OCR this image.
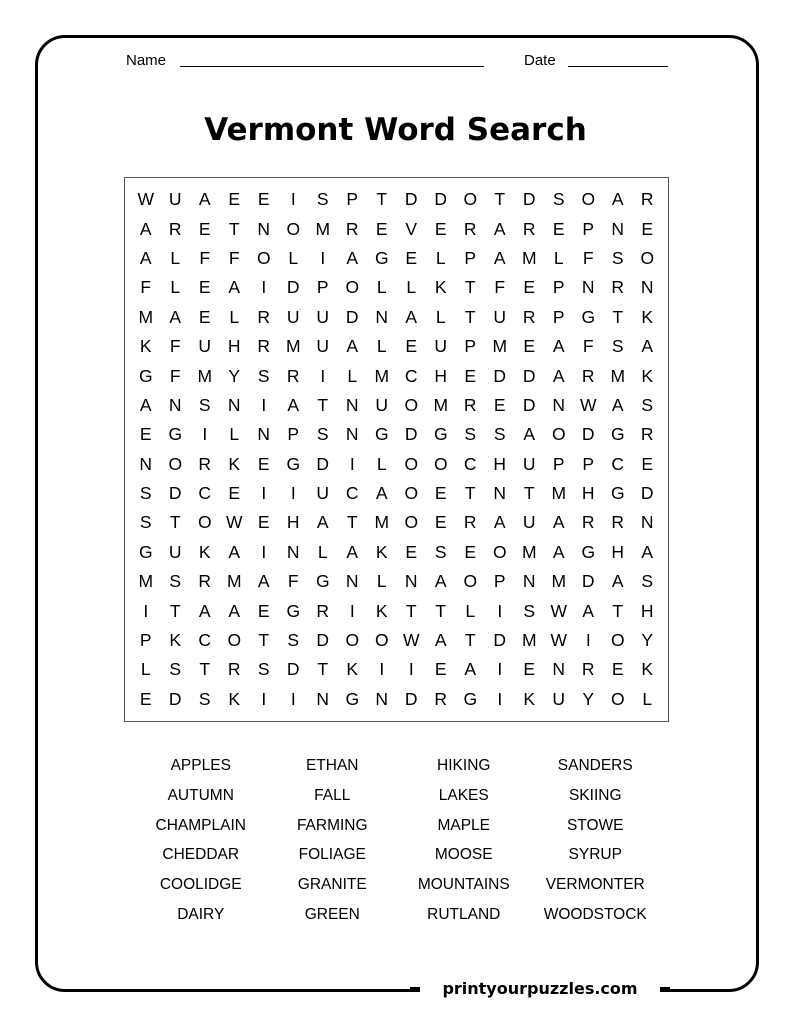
Name	Date
Vermont Word Search
W U A	E	E	I	S	P	T	D D O T	D S O A R
A R E	T	N O M R E	V	E R A R E	P N E
A	L	F	F O	L	I	A G E	L	P	A M L	F	S O
F	L	E	A	I	D P O	L	L	K	T	F	E	P N R N
M A	E	L	R U U D N A	L	T	U R P G T	K
K	F	U H R M U A	L	E U P M E	A	F	S	A
G F M Y	S R	I	L M C H E D D A R M K
A N S N	I	A	T	N U O M R E D N W A	S
E G	I	L	N P	S N G D G S	S	A O D G R
N O R K	E G D	I	L	O O C H U P	P C E
S D C E	I	I	U C A O E	T	N	T M H G D
S	T O W E H A	T M O E R A U A R R N
G U K	A	I	N	L	A	K	E	S	E O M A G H A
M S R M A	F G N	L	N A O P N M D A	S
I	T	A	A	E G R	I	K	T	T	L	I	S W A	T	H
P	K C O T	S D O O W A	T	D M W	I	O Y
L	S	T	R S D	T	K	I	I	E	A	I	E N R E	K
E D S	K	I	I	N G N D R G	I	K U Y O	L
APPLES	ETHAN	HIKING	SANDERS
AUTUMN	FALL	LAKES	SKIING
CHAMPLAIN	FARMING	MAPLE	STOWE
CHEDDAR	FOLIAGE	MOOSE	SYRUP
COOLIDGE	GRANITE	MOUNTAINS	VERMONTER
DAIRY	GREEN	RUTLAND	WOODSTOCK
printyourpuzzles.com
